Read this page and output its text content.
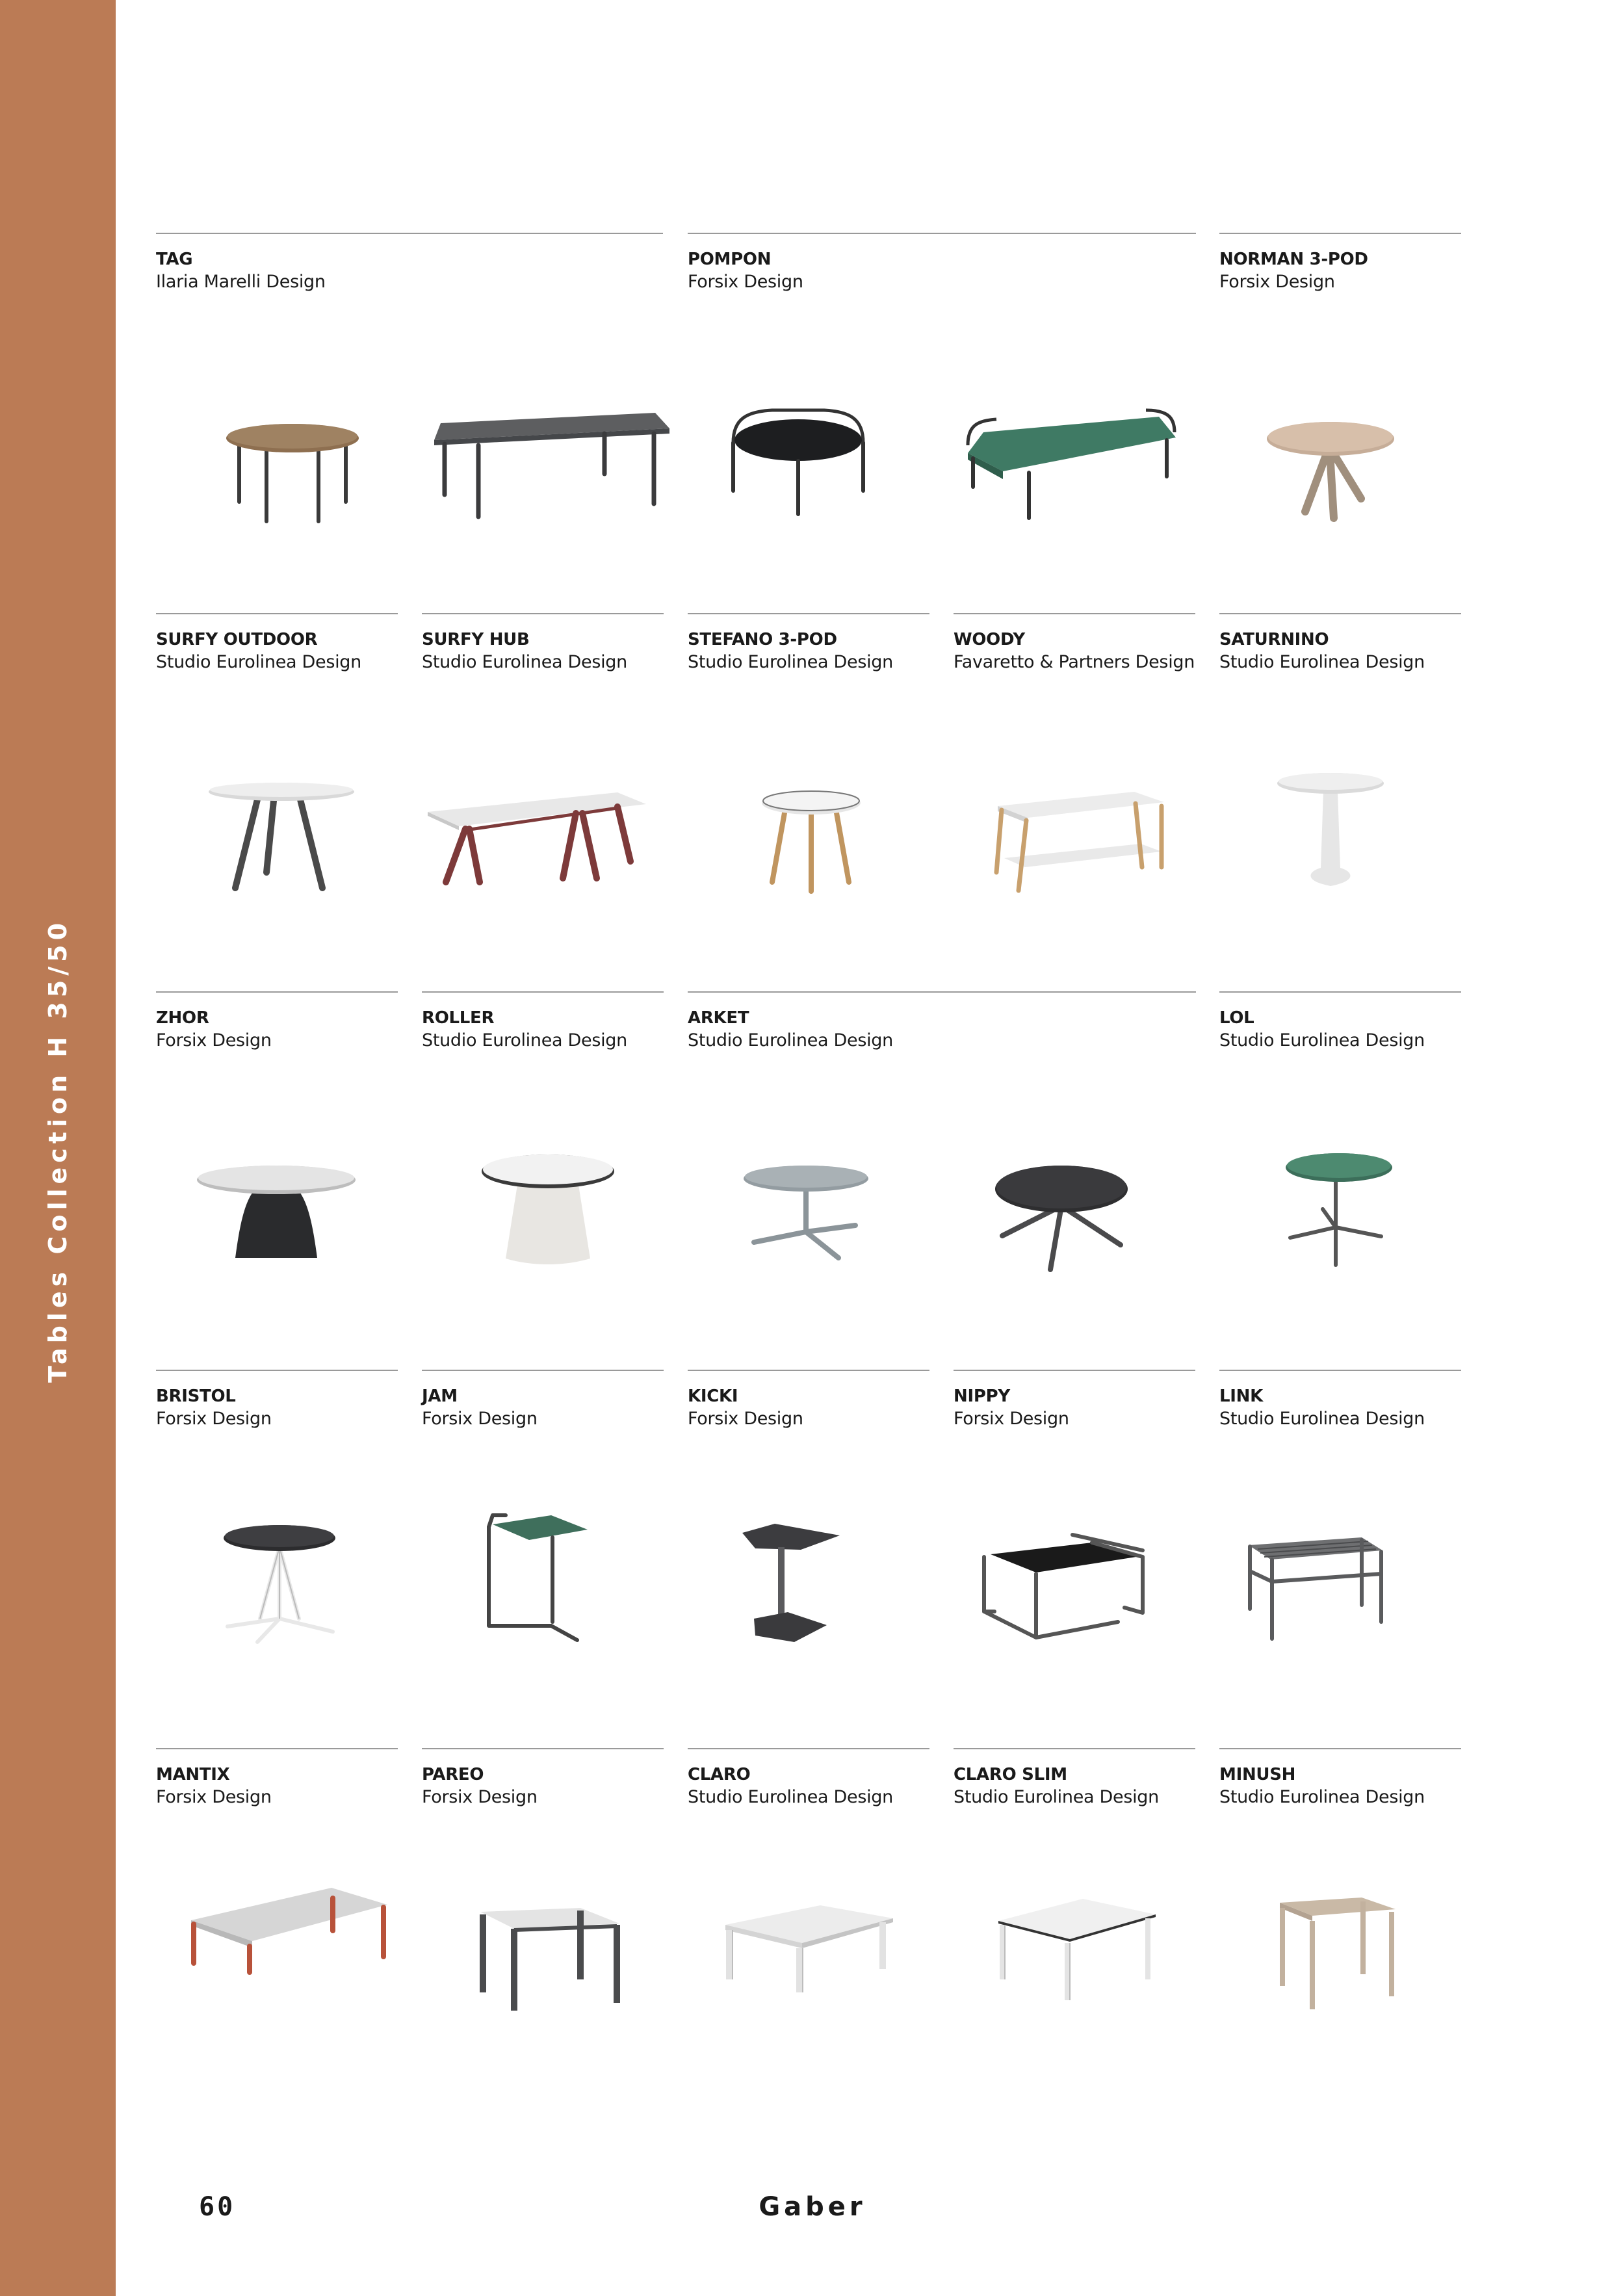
Tables Collection H 35/50
TAG
Ilaria Marelli Design
POMPON
Forsix Design
NORMAN 3-POD
Forsix Design
SURFY OUTDOOR
Studio Eurolinea Design
SURFY HUB
Studio Eurolinea Design
STEFANO 3-POD
Studio Eurolinea Design
WOODY
Favaretto & Partners Design
SATURNINO
Studio Eurolinea Design
ZHOR
Forsix Design
ROLLER
Studio Eurolinea Design
ARKET
Studio Eurolinea Design
LOL
Studio Eurolinea Design
BRISTOL
Forsix Design
JAM
Forsix Design
KICKI
Forsix Design
NIPPY
Forsix Design
LINK
Studio Eurolinea Design
MANTIX
Forsix Design
PAREO
Forsix Design
CLARO
Studio Eurolinea Design
CLARO SLIM
Studio Eurolinea Design
MINUSH
Studio Eurolinea Design
60	Gaber
